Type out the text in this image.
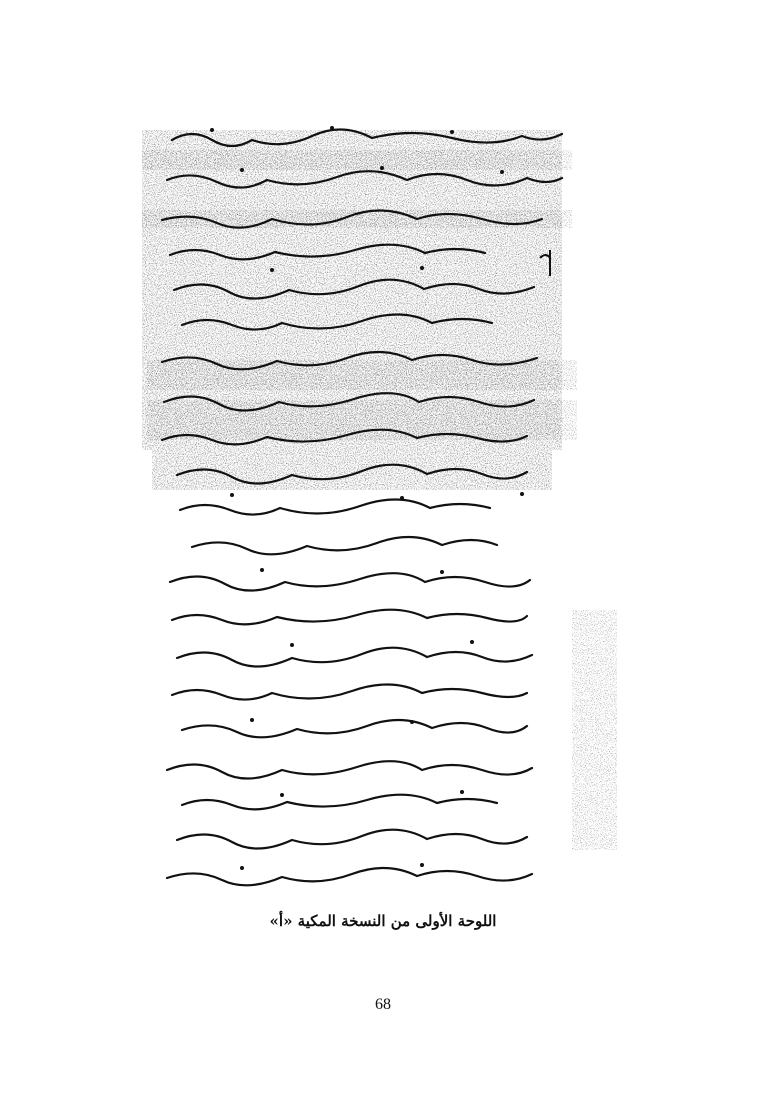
اللوحة الأولى من النسخة المكية «أ»
68
